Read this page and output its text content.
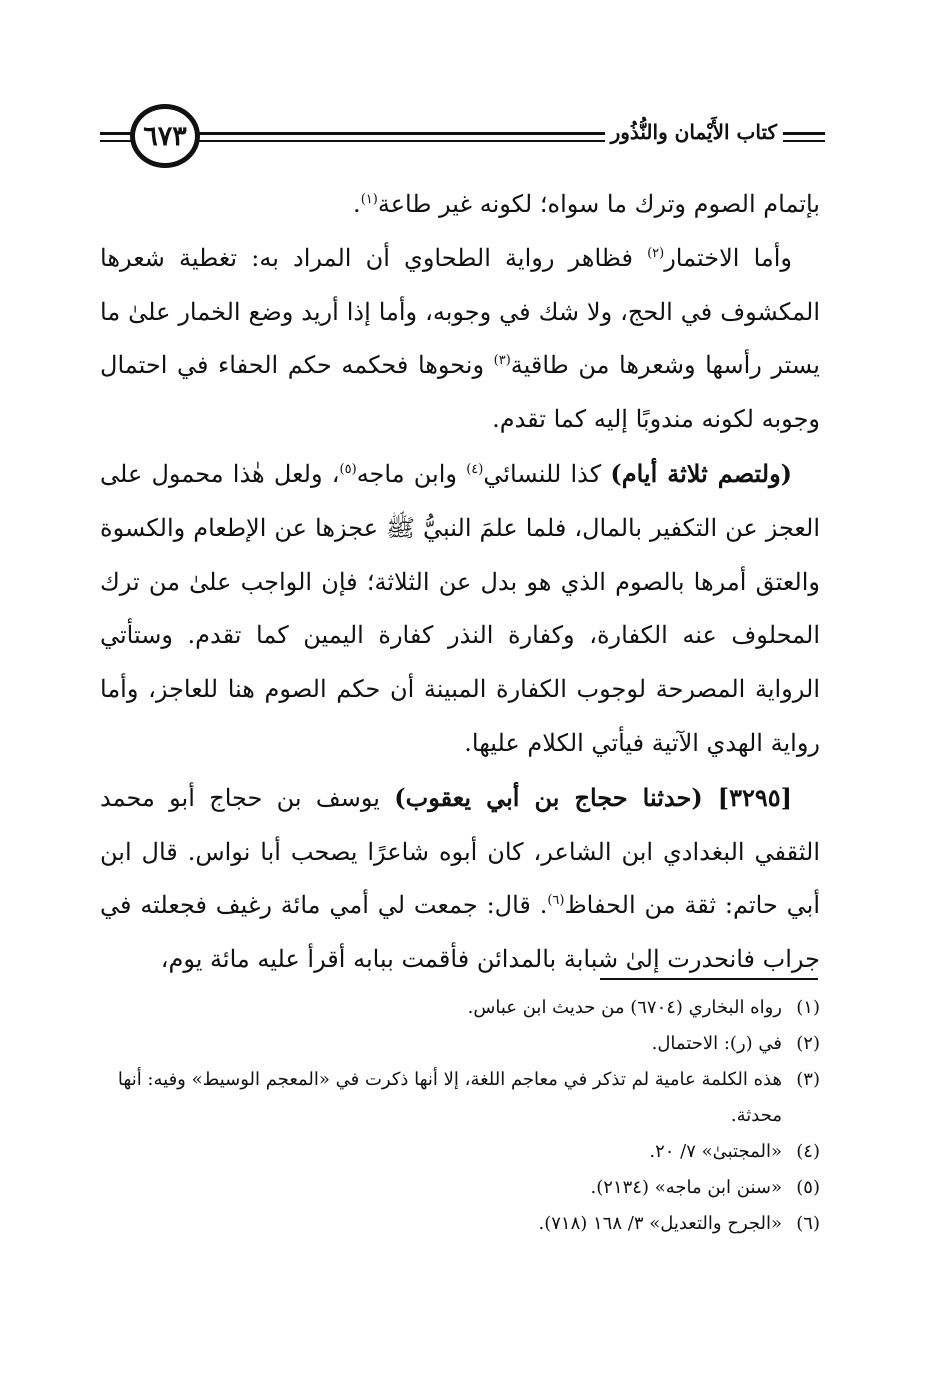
٦٧٣	كتاب الأَيْمان والنُّذُور

بإتمام الصوم وترك ما سواه؛ لكونه غير طاعة$^{(١)}$.

وأما الاختمار$^{(٢)}$ فظاهر رواية الطحاوي أن المراد به: تغطية شعرها المكشوف في الحج، ولا شك في وجوبه، وأما إذا أريد وضع الخمار علىٰ ما يستر رأسها وشعرها من طاقية$^{(٣)}$ ونحوها فحكمه حكم الحفاء في احتمال وجوبه لكونه مندوبًا إليه كما تقدم.

(ولتصم ثلاثة أيام) كذا للنسائي$^{(٤)}$ وابن ماجه$^{(٥)}$، ولعل هٰذا محمول على العجز عن التكفير بالمال، فلما علمَ النبيُّ ﷺ عجزها عن الإطعام والكسوة والعتق أمرها بالصوم الذي هو بدل عن الثلاثة؛ فإن الواجب علىٰ من ترك المحلوف عنه الكفارة، وكفارة النذر كفارة اليمين كما تقدم. وستأتي الرواية المصرحة لوجوب الكفارة المبينة أن حكم الصوم هنا للعاجز، وأما رواية الهدي الآتية فيأتي الكلام عليها.

[٣٢٩٥] (حدثنا حجاج بن أبي يعقوب) يوسف بن حجاج أبو محمد الثقفي البغدادي ابن الشاعر، كان أبوه شاعرًا يصحب أبا نواس. قال ابن أبي حاتم: ثقة من الحفاظ$^{(٦)}$. قال: جمعت لي أمي مائة رغيف فجعلته في جراب فانحدرت إلىٰ شبابة بالمدائن فأقمت ببابه أقرأ عليه مائة يوم،

(١)
رواه البخاري (٦٧٠٤) من حديث ابن عباس.
(٢)
في (ر): الاحتمال.
(٣)
هذه الكلمة عامية لم تذكر في معاجم اللغة، إلا أنها ذكرت في «المعجم الوسيط» وفيه: أنها محدثة.
(٤)
«المجتبىٰ» ٧/ ٢٠.
(٥)
«سنن ابن ماجه» (٢١٣٤).
(٦)
«الجرح والتعديل» ٣/ ١٦٨ (٧١٨).
